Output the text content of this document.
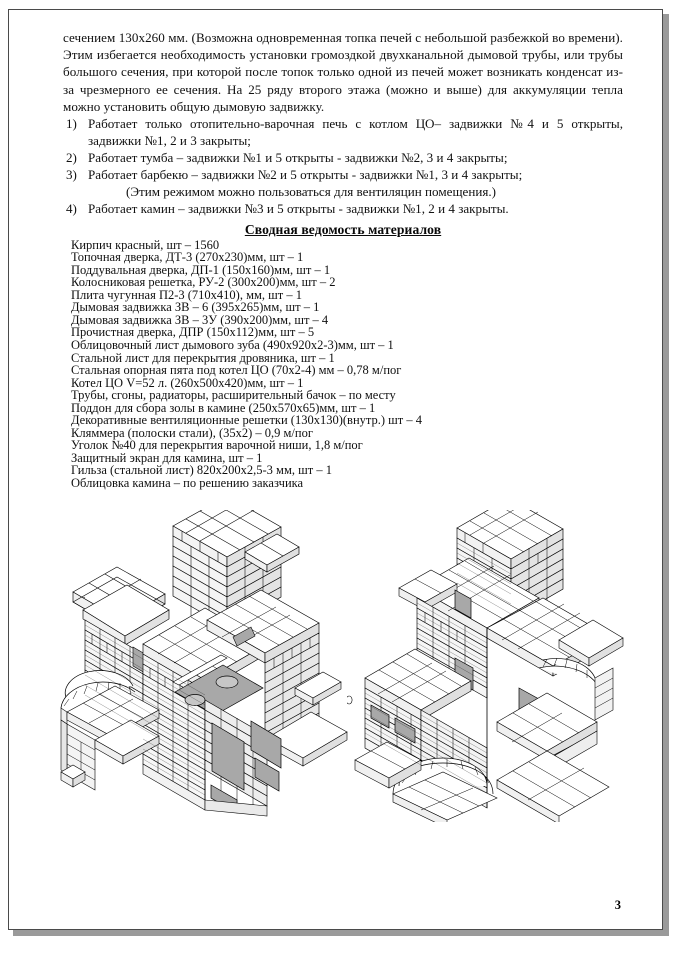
сечением 130х260 мм. (Возможна одновременная топка печей с небольшой разбежкой во времени). Этим избегается необходимость установки громоздкой двухканальной дымовой трубы, или трубы большого сечения, при которой после топок только одной из печей может возникать конденсат из-за чрезмерного ее сечения. На 25 ряду второго этажа (можно и выше) для аккумуляции тепла можно установить общую дымовую задвижку.

1) Работает только отопительно-варочная печь с котлом ЦО– задвижки №4 и 5 открыты, задвижки №1, 2 и 3 закрыты;
2) Работает тумба – задвижки №1 и 5 открыты - задвижки №2, 3 и 4 закрыты;
3) Работает барбекю – задвижки №2 и 5 открыты - задвижки №1, 3 и 4 закрыты;
(Этим режимом можно пользоваться для вентиляцин помещения.)
4) Работает камин – задвижки №3 и 5 открыты - задвижки №1, 2 и 4 закрыты.
Сводная ведомость материалов
Кирпич красный, шт – 1560
Топочная дверка, ДТ-3 (270х230)мм, шт – 1
Поддувальная дверка, ДП-1 (150х160)мм, шт – 1
Колосниковая решетка, РУ-2 (300х200)мм, шт – 2
Плита чугунная П2-3 (710х410), мм, шт – 1
Дымовая задвижка ЗВ – 6 (395х265)мм, шт – 1
Дымовая задвижка ЗВ – 3У (390х200)мм, шт – 4
Прочистная дверка, ДПР (150х112)мм, шт – 5
Облицовочный лист дымового зуба (490х920х2-3)мм, шт – 1
Стальной лист для перекрытия дровяника, шт – 1
Стальная опорная пята под котел ЦО (70х2-4) мм – 0,78 м/пог
Котел ЦО V=52 л. (260х500х420)мм, шт – 1
Трубы, сгоны, радиаторы, расширительный бачок – по месту
Поддон для сбора золы в камине (250х570х65)мм, шт – 1
Декоративные вентиляционные решетки (130х130)(внутр.) шт – 4
Кляммера (полоски стали), (35х2) – 0,9 м/пог
Уголок №40 для перекрытия варочной ниши, 1,8 м/пог
Защитный экран для камина, шт – 1
Гильза (стальной лист) 820х200х2,5-3 мм, шт – 1
Облицовка камина – по решению заказчика
3
